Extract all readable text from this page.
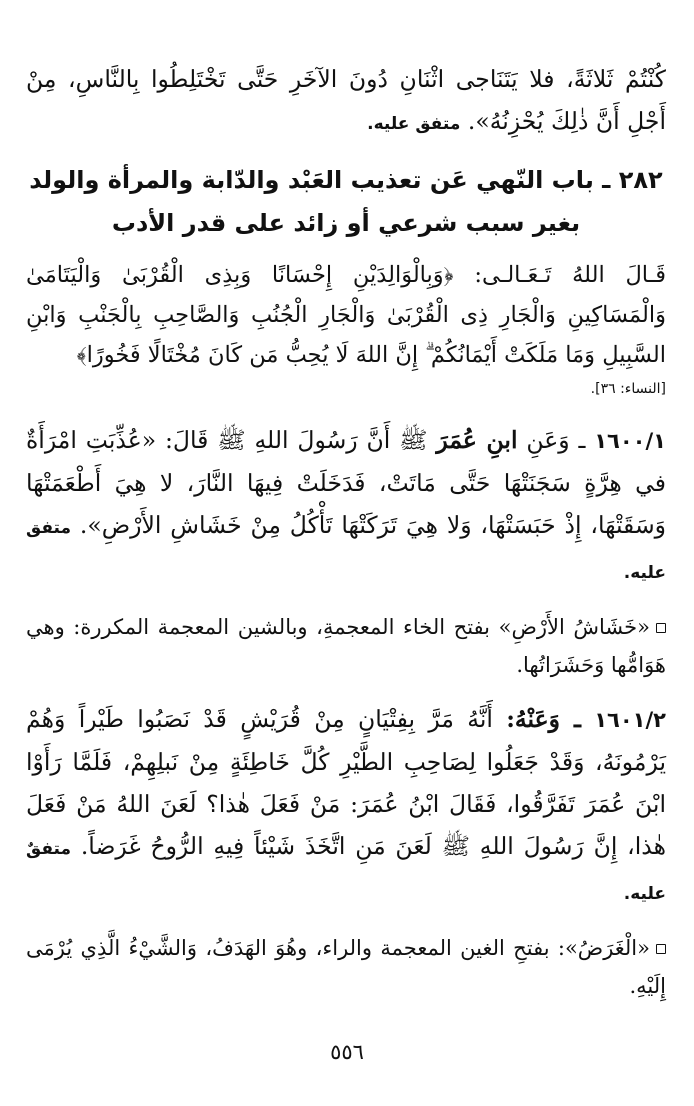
كُنْتُمْ ثَلاثَةً، فلا يَتَنَاجى اثْنَانِ دُونَ الآخَرِ حَتَّى تَخْتَلِطُوا بِالنَّاسِ، مِنْ أَجْلِ أَنَّ ذٰلِكَ يُحْزِنُهُ». متفق عليه.

٢٨٢ ـ باب النّهي عَن تعذيب العَبْد والدّابة والمرأة والولد بغير سبب شرعي أو زائد على قدر الأدب

قَـالَ اللهُ تَـعَـالـى: ﴿وَبِالْوَالِدَيْنِ إِحْسَانًا وَبِذِى الْقُرْبَىٰ وَالْيَتَامَىٰ وَالْمَسَاكِينِ وَالْجَارِ ذِى الْقُرْبَىٰ وَالْجَارِ الْجُنُبِ وَالصَّاحِبِ بِالْجَنْبِ وَابْنِ السَّبِيلِ وَمَا مَلَكَتْ أَيْمَانُكُمْ ۗ إِنَّ اللهَ لَا يُحِبُّ مَن كَانَ مُخْتَالًا فَخُورًا﴾

[النساء: ٣٦].

١٦٠٠/١ ـ وَعَنِ ابنِ عُمَرَ ﷺ أَنَّ رَسُولَ اللهِ ﷺ قَالَ: «عُذِّبَتِ امْرَأَةٌ في هِرَّةٍ سَجَنَتْهَا حَتَّى مَاتَتْ، فَدَخَلَتْ فِيهَا النَّارَ، لا هِيَ أَطْعَمَتْهَا وَسَقَتْهَا، إِذْ حَبَسَتْهَا، وَلا هِيَ تَرَكَتْهَا تَأْكُلُ مِنْ خَشَاشِ الأَرْضِ». متفق عليه.

«خَشَاشُ الأَرْضِ» بفتح الخاء المعجمةِ، وبالشين المعجمة المكررة: وهي هَوَامُّها وَحَشَرَاتُها.

١٦٠١/٢ ـ وَعَنْهُ: أَنَّهُ مَرَّ بِفِتْيَانٍ مِنْ قُرَيْشٍ قَدْ نَصَبُوا طَيْراً وَهُمْ يَرْمُونَهُ، وَقَدْ جَعَلُوا لِصَاحِبِ الطَّيْرِ كُلَّ خَاطِئَةٍ مِنْ نَبلِهِمْ، فَلَمَّا رَأَوْا ابْنَ عُمَرَ تَفَرَّقُوا، فَقَالَ ابْنُ عُمَرَ: مَنْ فَعَلَ هٰذا؟ لَعَنَ اللهُ مَنْ فَعَلَ هٰذا، إِنَّ رَسُولَ اللهِ ﷺ لَعَنَ مَنِ اتَّخَذَ شَيْئاً فِيهِ الرُّوحُ غَرَضاً. متفقٌ عليه.

«الْغَرَضُ»: بفتحِ الغين المعجمة والراء، وهُوَ الهَدَفُ، وَالشَّيْءُ الَّذِي يُرْمَى إِلَيْهِ.

٥٥٦
